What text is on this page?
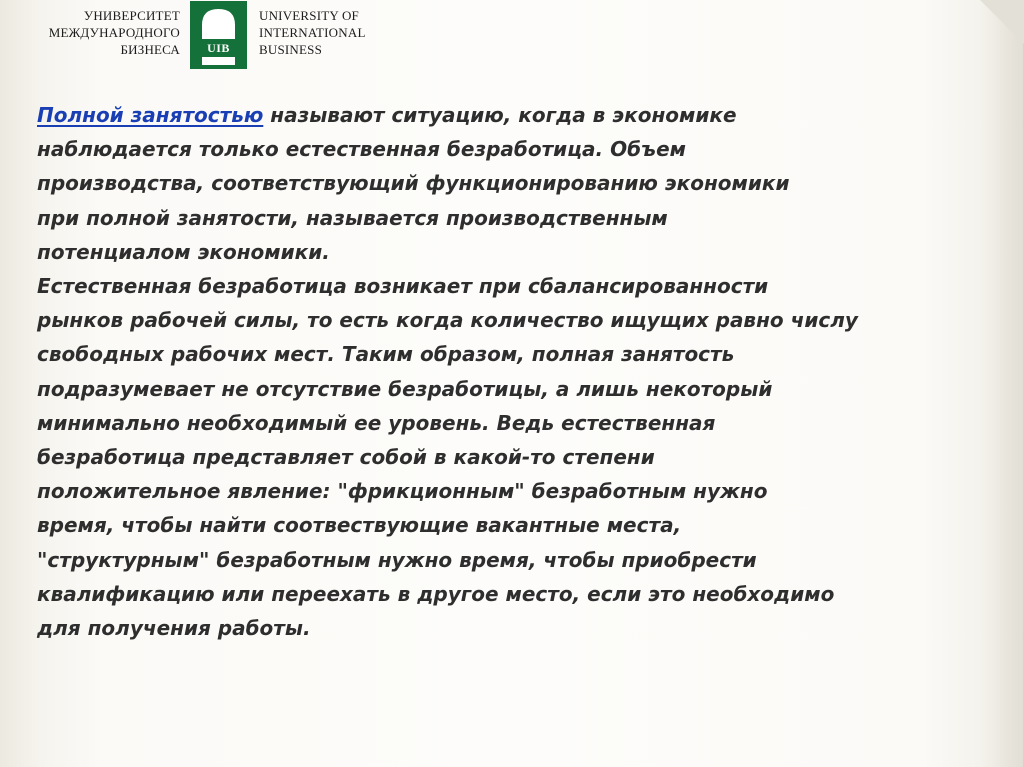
УНИВЕРСИТЕТ
МЕЖДУНАРОДНОГО
БИЗНЕСА	UIB
UNIVERSITY OF
INTERNATIONAL
BUSINESS
Полной занятостью называют ситуацию, когда в экономике
наблюдается только естественная безработица. Объем
производства, соответствующий функционированию экономики
при полной занятости, называется производственным
потенциалом экономики.
Естественная безработица возникает при сбалансированности
рынков рабочей силы, то есть когда количество ищущих равно числу
свободных рабочих мест. Таким образом, полная занятость
подразумевает не отсутствие безработицы, а лишь некоторый
минимально необходимый ее уровень. Ведь естественная
безработица представляет собой в какой-то степени
положительное явление: "фрикционным" безработным нужно
время, чтобы найти соотвествующие вакантные места,
"структурным" безработным нужно время, чтобы приобрести
квалификацию или переехать в другое место, если это необходимо
для получения работы.
